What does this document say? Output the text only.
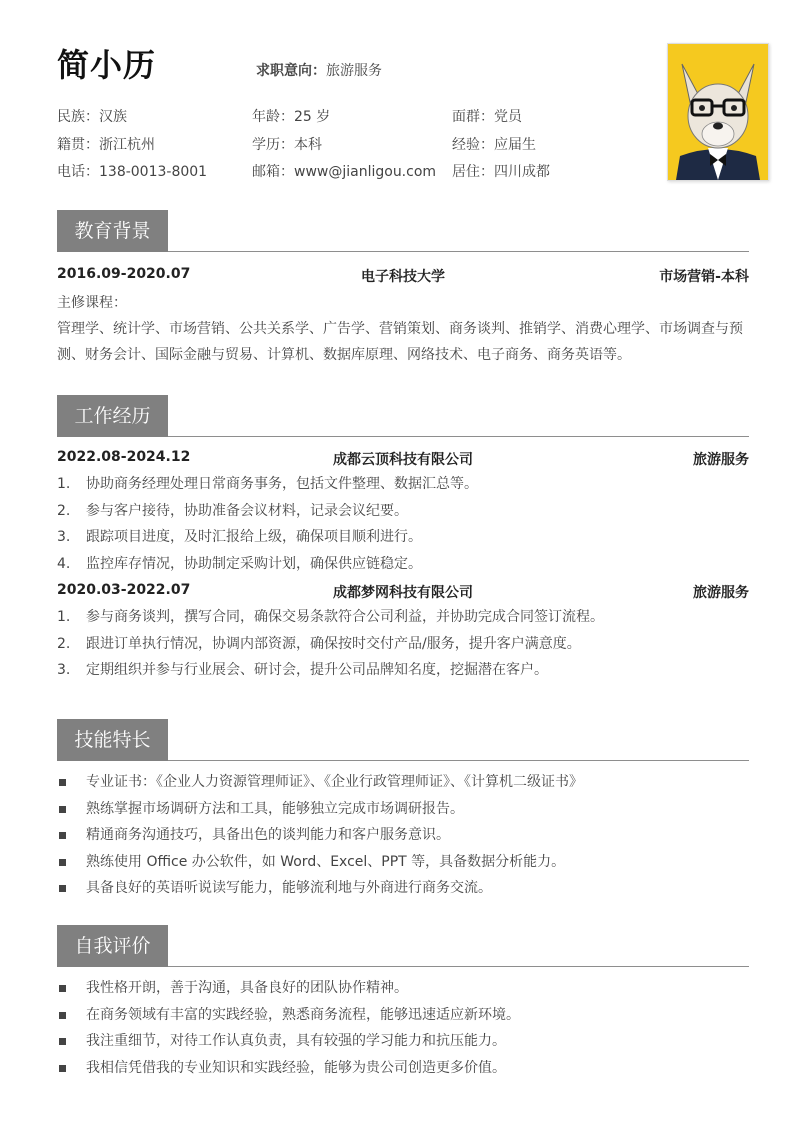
简小历	求职意向：旅游服务
民族：汉族	年龄：25 岁	面群：党员
籍贯：浙江杭州	学历：本科	经验：应届生
电话：138-0013-8001	邮箱：www@jianligou.com 居住：四川成都
教育背景
2016.09-2020.07	电子科技大学	市场营销-本科
主修课程：
管理学、统计学、市场营销、公共关系学、广告学、营销策划、商务谈判、推销学、消费心理学、市场调查与预
测、财务会计、国际金融与贸易、计算机、数据库原理、网络技术、电子商务、商务英语等。
工作经历
2022.08-2024.12	成都云顶科技有限公司	旅游服务
1. 协助商务经理处理日常商务事务，包括文件整理、数据汇总等。
2. 参与客户接待，协助准备会议材料，记录会议纪要。
3. 跟踪项目进度，及时汇报给上级，确保项目顺利进行。
4. 监控库存情况，协助制定采购计划，确保供应链稳定。
2020.03-2022.07	成都梦网科技有限公司	旅游服务
1. 参与商务谈判，撰写合同，确保交易条款符合公司利益，并协助完成合同签订流程。
2. 跟进订单执行情况，协调内部资源，确保按时交付产品/服务，提升客户满意度。
3. 定期组织并参与行业展会、研讨会，提升公司品牌知名度，挖掘潜在客户。
技能特长
专业证书：《企业人力资源管理师证》、《企业行政管理师证》、《计算机二级证书》
熟练掌握市场调研方法和工具，能够独立完成市场调研报告。
精通商务沟通技巧，具备出色的谈判能力和客户服务意识。
熟练使用 Office 办公软件，如 Word、Excel、PPT 等，具备数据分析能力。
具备良好的英语听说读写能力，能够流利地与外商进行商务交流。
自我评价
我性格开朗，善于沟通，具备良好的团队协作精神。
在商务领域有丰富的实践经验，熟悉商务流程，能够迅速适应新环境。
我注重细节，对待工作认真负责，具有较强的学习能力和抗压能力。
我相信凭借我的专业知识和实践经验，能够为贵公司创造更多价值。
